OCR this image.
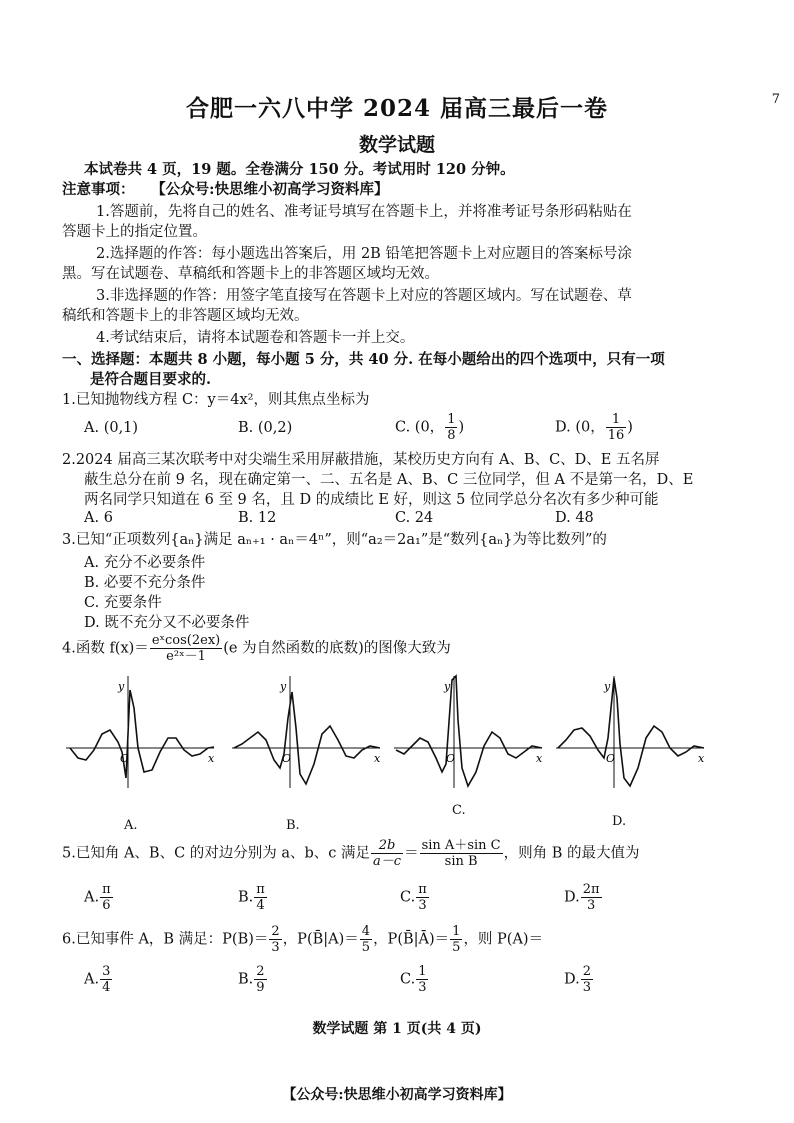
7
合肥一六八中学 2024 届高三最后一卷
数学试题
本试卷共 4 页，19 题。全卷满分 150 分。考试用时 120 分钟。
注意事项： 【公众号:快思维小初高学习资料库】
1.答题前，先将自己的姓名、准考证号填写在答题卡上，并将准考证号条形码粘贴在
答题卡上的指定位置。
2.选择题的作答：每小题选出答案后，用 2B 铅笔把答题卡上对应题目的答案标号涂
黑。写在试题卷、草稿纸和答题卡上的非答题区域均无效。
3.非选择题的作答：用签字笔直接写在答题卡上对应的答题区域内。写在试题卷、草
稿纸和答题卡上的非答题区域均无效。
4.考试结束后，请将本试题卷和答题卡一并上交。
一、选择题：本题共 8 小题，每小题 5 分，共 40 分. 在每小题给出的四个选项中，只有一项
是符合题目要求的.
1.已知抛物线方程 C：y＝4x²，则其焦点坐标为
A. (0,1)	B. (0,2)	C. (0， $\frac{1}{8}$ )	D. (0， $\frac{1}{16}$ )
2.2024 届高三某次联考中对尖端生采用屏蔽措施，某校历史方向有 A、B、C、D、E 五名屏
蔽生总分在前 9 名，现在确定第一、二、五名是 A、B、C 三位同学，但 A 不是第一名，D、E
两名同学只知道在 6 至 9 名，且 D 的成绩比 E 好，则这 5 位同学总分名次有多少种可能
A. 6	B. 12	C. 24	D. 48
3.已知“正项数列{aₙ}满足 aₙ₊₁ · aₙ＝4ⁿ”，则“a₂＝2a₁”是“数列{aₙ}为等比数列”的
A. 充分不必要条件
B. 必要不充分条件
C. 充要条件
D. 既不充分又不必要条件
4.函数 $f(x)= \frac{\text{eˣcos(2ex)}}{\text{e²ˣ－1}} (e$ 为自然函数的底数)的图像大致为
y
x
O
A.
y
x
O
B.
y
x
O
C.
y
x
O
D.
5.已知角 A、B、C 的对边分别为 a、b、c 满足 $\frac{2b}{a-c} = \frac{\text{sin A＋sin C}}{\text{sin B}}$ ，则角 B 的最大值为
A. $\frac{\pi}{6}$	B. $\frac{\pi}{4}$	C. $\frac{\pi}{3}$	D. $\frac{2\pi}{3}$
6.已知事件 A，B 满足：$P(B)= \frac{2}{3}$ ，P(B̄|A)＝ $\frac{4}{5}$ ，P(B̄|Ā)＝ $\frac{1}{5}$ ，则 P(A)＝
A. $\frac{3}{4}$	B. $\frac{2}{9}$	C. $\frac{1}{3}$	D. $\frac{2}{3}$
数学试题 第 1 页(共 4 页)
【公众号:快思维小初高学习资料库】
